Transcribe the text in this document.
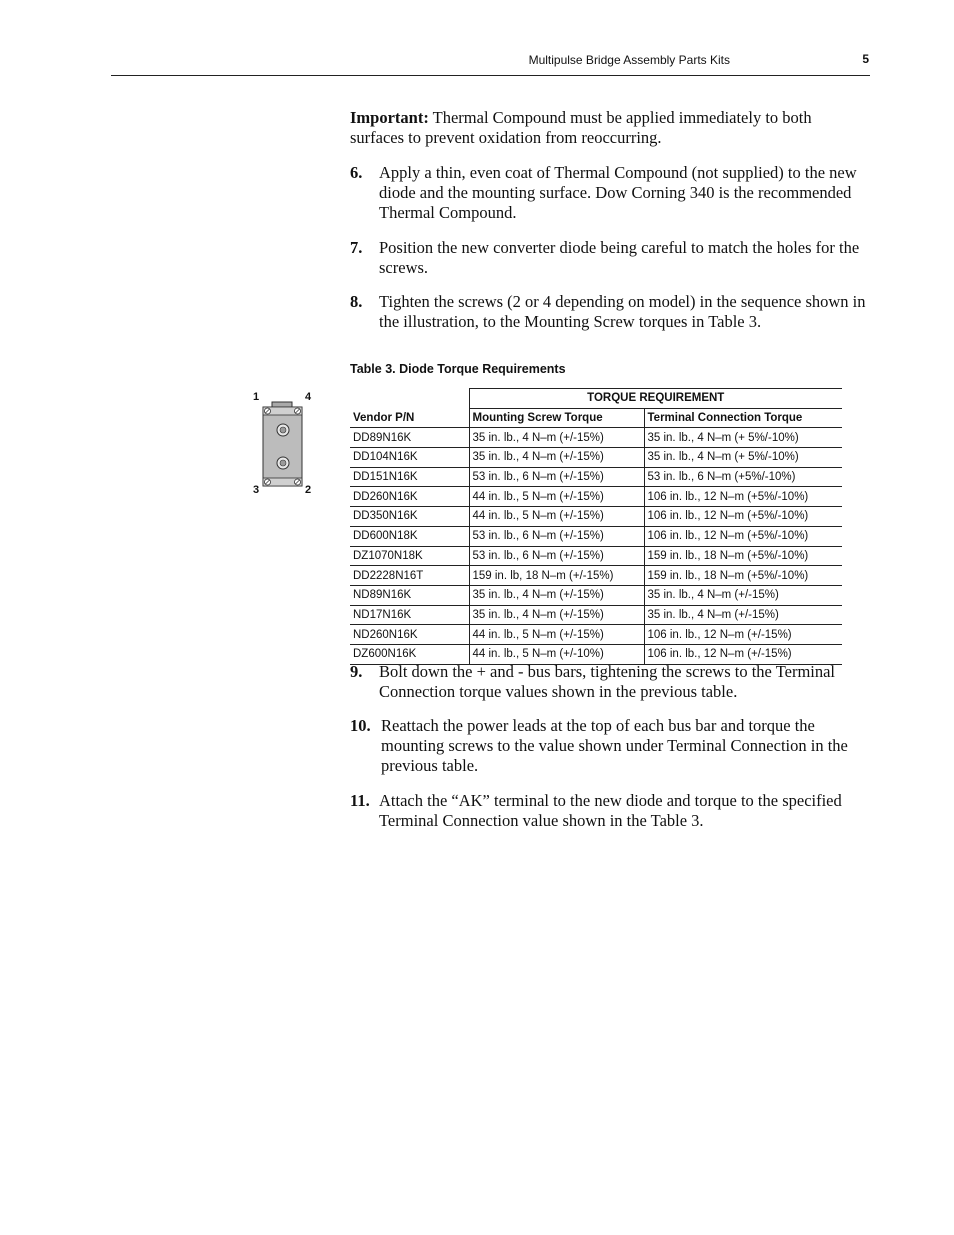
Multipulse Bridge Assembly Parts Kits	5
Important: Thermal Compound must be applied immediately to both surfaces to prevent oxidation from reoccurring.
6. Apply a thin, even coat of Thermal Compound (not supplied) to the new diode and the mounting surface. Dow Corning 340 is the recommended Thermal Compound.
7. Position the new converter diode being careful to match the holes for the screws.
8. Tighten the screws (2 or 4 depending on model) in the sequence shown in the illustration, to the Mounting Screw torques in Table 3.
Table 3. Diode Torque Requirements
1	4
3	2
	TORQUE REQUIREMENT	
Vendor P/N	Mounting Screw Torque	Terminal Connection Torque
DD89N16K	35 in. lb., 4 N–m (+/-15%)	35 in. lb., 4 N–m (+ 5%/-10%)
DD104N16K	35 in. lb., 4 N–m (+/-15%)	35 in. lb., 4 N–m (+ 5%/-10%)
DD151N16K	53 in. lb., 6 N–m (+/-15%)	53 in. lb., 6 N–m (+5%/-10%)
DD260N16K	44 in. lb., 5 N–m (+/-15%)	106 in. lb., 12 N–m (+5%/-10%)
DD350N16K	44 in. lb., 5 N–m (+/-15%)	106 in. lb., 12 N–m (+5%/-10%)
DD600N18K	53 in. lb., 6 N–m (+/-15%)	106 in. lb., 12 N–m (+5%/-10%)
DZ1070N18K	53 in. lb., 6 N–m (+/-15%)	159 in. lb., 18 N–m (+5%/-10%)
DD2228N16T	159 in. lb, 18 N–m (+/-15%)	159 in. lb., 18 N–m (+5%/-10%)
ND89N16K	35 in. lb., 4 N–m (+/-15%)	35 in. lb., 4 N–m (+/-15%)
ND17N16K	35 in. lb., 4 N–m (+/-15%)	35 in. lb., 4 N–m (+/-15%)
ND260N16K	44 in. lb., 5 N–m (+/-15%)	106 in. lb., 12 N–m (+/-15%)
DZ600N16K	44 in. lb., 5 N–m (+/-10%)	106 in. lb., 12 N–m (+/-15%)
9. Bolt down the + and - bus bars, tightening the screws to the Terminal Connection torque values shown in the previous table.
10. Reattach the power leads at the top of each bus bar and torque the mounting screws to the value shown under Terminal Connection in the previous table.
11. Attach the “AK” terminal to the new diode and torque to the specified Terminal Connection value shown in the Table 3.
